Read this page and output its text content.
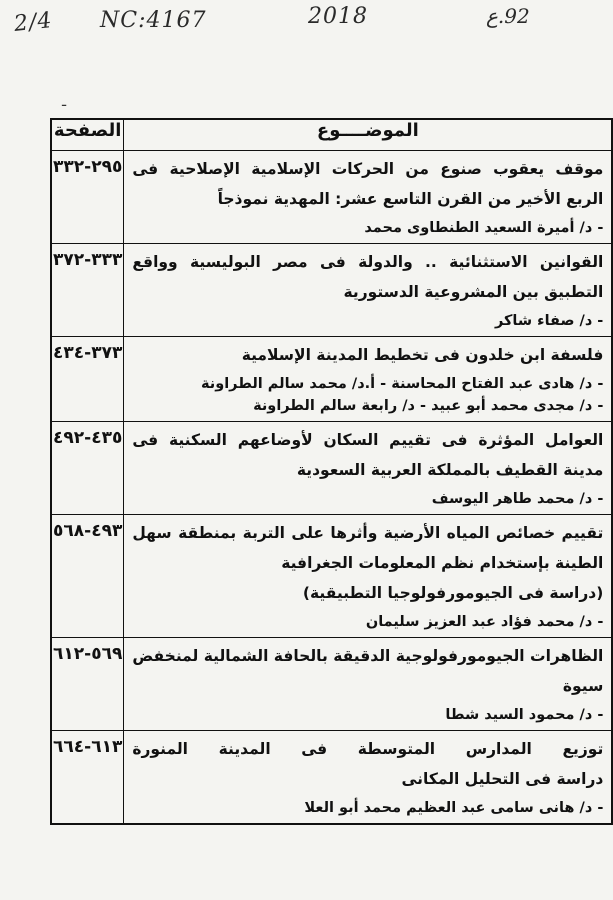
2/4 NC:4167	2018	92.ع
ـ
الموضــــوع	الصفحة

موقف يعقوب صنوع من الحركات الإسلامية الإصلاحية فى
الربع الأخير من القرن التاسع عشر: المهدية نموذجاً
- د/ أميرة السعيد الطنطاوى محمد	٢٩٥-٣٣٢

القوانين الاستثنائية .. والدولة فى مصر البوليسية وواقع
التطبيق بين المشروعية الدستورية
- د/ صفاء شاكر	٣٣٣-٣٧٢

فلسفة ابن خلدون فى تخطيط المدينة الإسلامية
- د/ هادى عبد الفتاح المحاسنة - أ.د/ محمد سالم الطراونة
- د/ مجدى محمد أبو عبيد - د/ رابعة سالم الطراونة	٣٧٣-٤٣٤

العوامل المؤثرة فى تقييم السكان لأوضاعهم السكنية فى
مدينة القطيف بالمملكة العربية السعودية
- د/ محمد طاهر اليوسف	٤٣٥-٤٩٢

تقييم خصائص المياه الأرضية وأثرها على التربة بمنطقة سهل
الطينة بإستخدام نظم المعلومات الجغرافية
(دراسة فى الجيومورفولوجيا التطبيقية)
- د/ محمد فؤاد عبد العزيز سليمان	٤٩٣-٥٦٨

الظاهرات الجيومورفولوجية الدقيقة بالحافة الشمالية لمنخفض
سيوة
- د/ محمود السيد شطا	٥٦٩-٦١٢

توزيع المدارس المتوسطة فى المدينة المنورة
دراسة فى التحليل المكانى
- د/ هانى سامى عبد العظيم محمد أبو العلا	٦١٣-٦٦٤
